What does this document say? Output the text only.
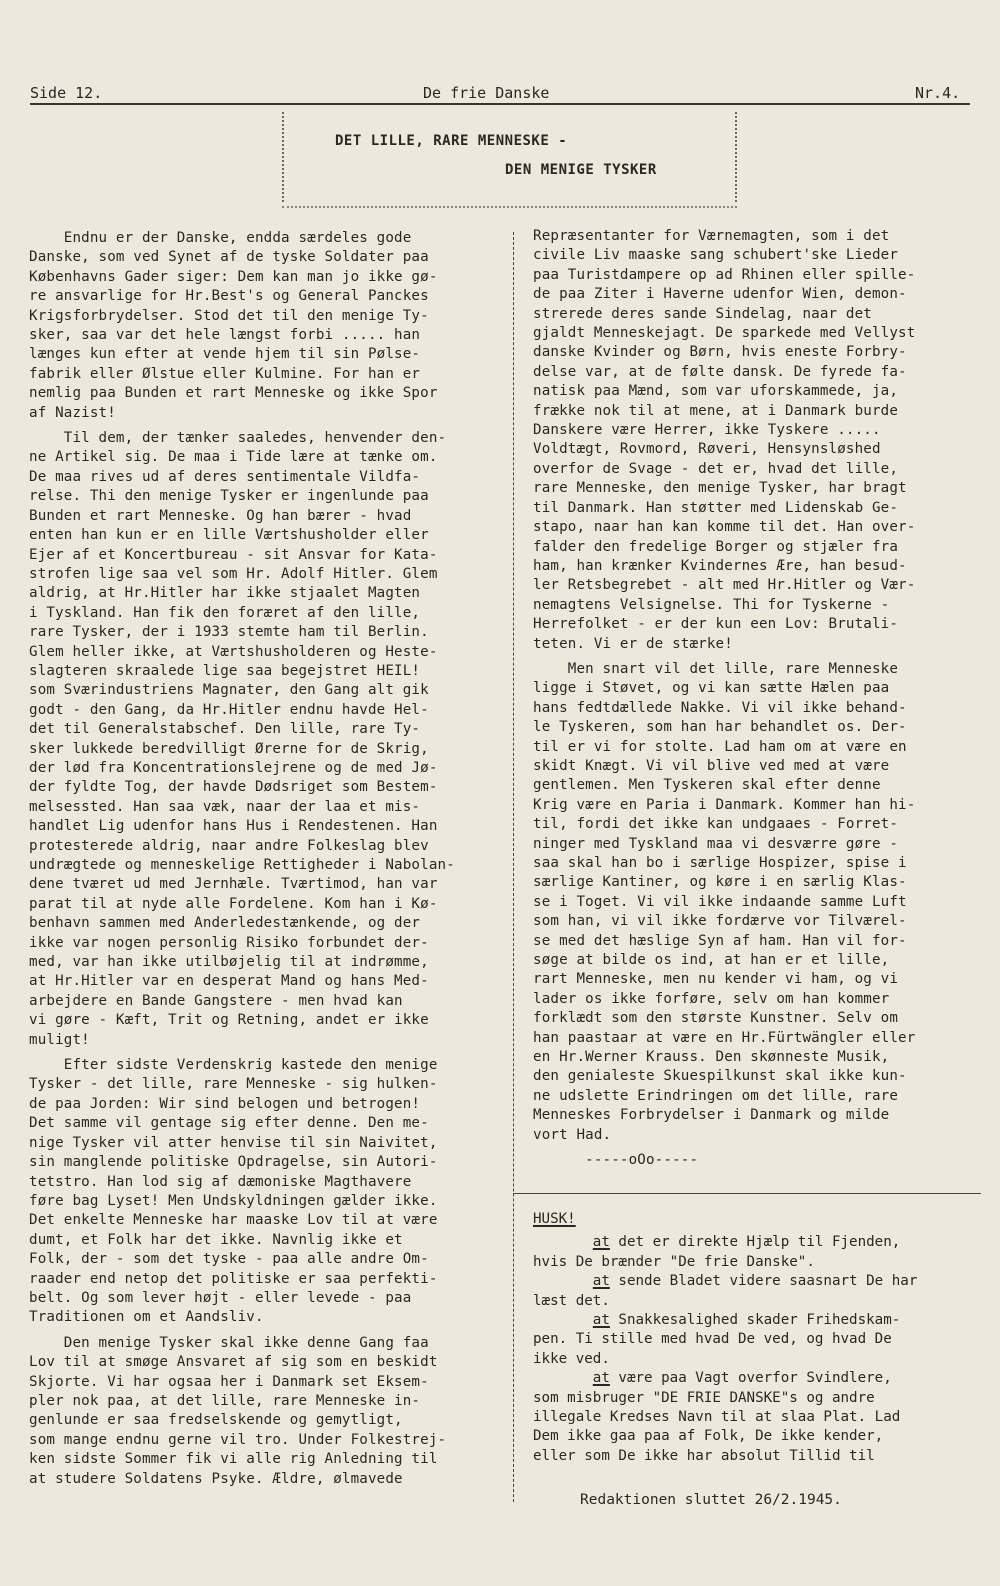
Side 12.	De frie Danske	Nr.4.
DET LILLE, RARE MENNESKE -
DEN MENIGE TYSKER

Endnu er der Danske, endda særdeles gode
Danske, som ved Synet af de tyske Soldater paa
Københavns Gader siger: Dem kan man jo ikke gø-
re ansvarlige for Hr.Best's og General Panckes
Krigsforbrydelser. Stod det til den menige Ty-
sker, saa var det hele længst forbi ..... han
længes kun efter at vende hjem til sin Pølse-
fabrik eller Ølstue eller Kulmine. For han er
nemlig paa Bunden et rart Menneske og ikke Spor
af Nazist!

Til dem, der tænker saaledes, henvender den-
ne Artikel sig. De maa i Tide lære at tænke om.
De maa rives ud af deres sentimentale Vildfa-
relse. Thi den menige Tysker er ingenlunde paa
Bunden et rart Menneske. Og han bærer - hvad
enten han kun er en lille Værtshusholder eller
Ejer af et Koncertbureau - sit Ansvar for Kata-
strofen lige saa vel som Hr. Adolf Hitler. Glem
aldrig, at Hr.Hitler har ikke stjaalet Magten
i Tyskland. Han fik den foræret af den lille,
rare Tysker, der i 1933 stemte ham til Berlin.
Glem heller ikke, at Værtshusholderen og Heste-
slagteren skraalede lige saa begejstret HEIL!
som Sværindustriens Magnater, den Gang alt gik
godt - den Gang, da Hr.Hitler endnu havde Hel-
det til Generalstabschef. Den lille, rare Ty-
sker lukkede beredvilligt Ørerne for de Skrig,
der lød fra Koncentrationslejrene og de med Jø-
der fyldte Tog, der havde Dødsriget som Bestem-
melsessted. Han saa væk, naar der laa et mis-
handlet Lig udenfor hans Hus i Rendestenen. Han
protesterede aldrig, naar andre Folkeslag blev
undrægtede og menneskelige Rettigheder i Nabolan-
dene tværet ud med Jernhæle. Tværtimod, han var
parat til at nyde alle Fordelene. Kom han i Kø-
benhavn sammen med Anderledestænkende, og der
ikke var nogen personlig Risiko forbundet der-
med, var han ikke utilbøjelig til at indrømme,
at Hr.Hitler var en desperat Mand og hans Med-
arbejdere en Bande Gangstere - men hvad kan
vi gøre - Kæft, Trit og Retning, andet er ikke
muligt!

Efter sidste Verdenskrig kastede den menige
Tysker - det lille, rare Menneske - sig hulken-
de paa Jorden: Wir sind belogen und betrogen!
Det samme vil gentage sig efter denne. Den me-
nige Tysker vil atter henvise til sin Naivitet,
sin manglende politiske Opdragelse, sin Autori-
tetstro. Han lod sig af dæmoniske Magthavere
føre bag Lyset! Men Undskyldningen gælder ikke.
Det enkelte Menneske har maaske Lov til at være
dumt, et Folk har det ikke. Navnlig ikke et
Folk, der - som det tyske - paa alle andre Om-
raader end netop det politiske er saa perfekti-
belt. Og som lever højt - eller levede - paa
Traditionen om et Aandsliv.

Den menige Tysker skal ikke denne Gang faa
Lov til at smøge Ansvaret af sig som en beskidt
Skjorte. Vi har ogsaa her i Danmark set Eksem-
pler nok paa, at det lille, rare Menneske in-
genlunde er saa fredselskende og gemytligt,
som mange endnu gerne vil tro. Under Folkestrej-
ken sidste Sommer fik vi alle rig Anledning til
at studere Soldatens Psyke. Ældre, ølmavede

Repræsentanter for Værnemagten, som i det
civile Liv maaske sang schubert'ske Lieder
paa Turistdampere op ad Rhinen eller spille-
de paa Ziter i Haverne udenfor Wien, demon-
strerede deres sande Sindelag, naar det
gjaldt Menneskejagt. De sparkede med Vellyst
danske Kvinder og Børn, hvis eneste Forbry-
delse var, at de følte dansk. De fyrede fa-
natisk paa Mænd, som var uforskammede, ja,
frække nok til at mene, at i Danmark burde
Danskere være Herrer, ikke Tyskere .....
Voldtægt, Rovmord, Røveri, Hensynsløshed
overfor de Svage - det er, hvad det lille,
rare Menneske, den menige Tysker, har bragt
til Danmark. Han støtter med Lidenskab Ge-
stapo, naar han kan komme til det. Han over-
falder den fredelige Borger og stjæler fra
ham, han krænker Kvindernes Ære, han besud-
ler Retsbegrebet - alt med Hr.Hitler og Vær-
nemagtens Velsignelse. Thi for Tyskerne -
Herrefolket - er der kun een Lov: Brutali-
teten. Vi er de stærke!

Men snart vil det lille, rare Menneske
ligge i Støvet, og vi kan sætte Hælen paa
hans fedtdællede Nakke. Vi vil ikke behand-
le Tyskeren, som han har behandlet os. Der-
til er vi for stolte. Lad ham om at være en
skidt Knægt. Vi vil blive ved med at være
gentlemen. Men Tyskeren skal efter denne
Krig være en Paria i Danmark. Kommer han hi-
til, fordi det ikke kan undgaaes - Forret-
ninger med Tyskland maa vi desværre gøre -
saa skal han bo i særlige Hospizer, spise i
særlige Kantiner, og køre i en særlig Klas-
se i Toget. Vi vil ikke indaande samme Luft
som han, vi vil ikke fordærve vor Tilværel-
se med det hæslige Syn af ham. Han vil for-
søge at bilde os ind, at han er et lille,
rart Menneske, men nu kender vi ham, og vi
lader os ikke forføre, selv om han kommer
forklædt som den største Kunstner. Selv om
han paastaar at være en Hr.Fürtwängler eller
en Hr.Werner Krauss. Den skønneste Musik,
den genialeste Skuespilkunst skal ikke kun-
ne udslette Erindringen om det lille, rare
Menneskes Forbrydelser i Danmark og milde
vort Had.

-----oOo-----

HUSK!

at det er direkte Hjælp til Fjenden,
hvis De brænder "De frie Danske".

at sende Bladet videre saasnart De har
læst det.

at Snakkesalighed skader Frihedskam-
pen. Ti stille med hvad De ved, og hvad De
ikke ved.

at være paa Vagt overfor Svindlere,
som misbruger "DE FRIE DANSKE"s og andre
illegale Kredses Navn til at slaa Plat. Lad
Dem ikke gaa paa af Folk, De ikke kender,
eller som De ikke har absolut Tillid til

Redaktionen sluttet 26/2.1945.
